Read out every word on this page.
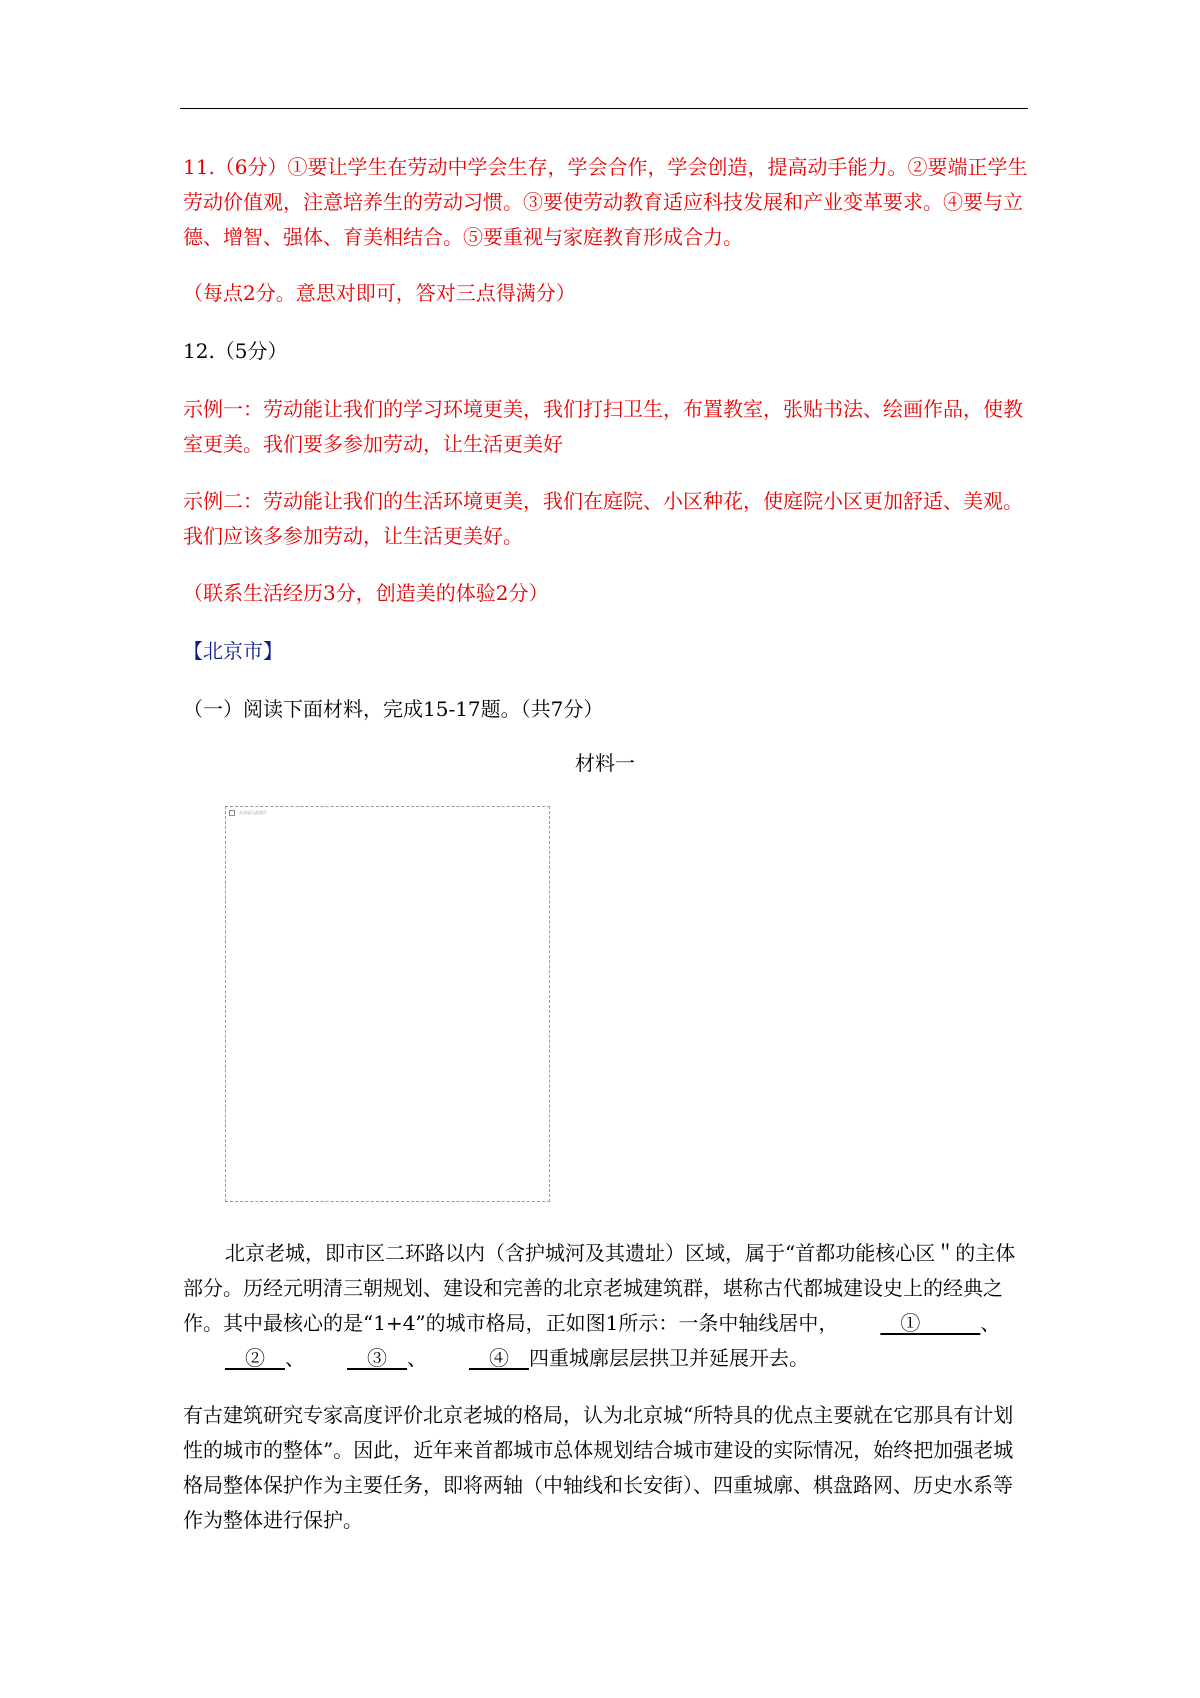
11.（6分）①要让学生在劳动中学会生存，学会合作，学会创造，提高动手能力。②要端正学生劳动价值观，注意培养生的劳动习惯。③要使劳动教育适应科技发展和产业变革要求。④要与立德、增智、强体、育美相结合。⑤要重视与家庭教育形成合力。

（每点2分。意思对即可，答对三点得满分）

12.（5分）

示例一：劳动能让我们的学习环境更美，我们打扫卫生，布置教室，张贴书法、绘画作品，使教室更美。我们要多参加劳动，让生活更美好

示例二：劳动能让我们的生活环境更美，我们在庭院、小区种花，使庭院小区更加舒适、美观。我们应该多参加劳动，让生活更美好。

（联系生活经历3分，创造美的体验2分）

【北京市】

（一）阅读下面材料，完成15-17题。（共7分）

材料一
无法显示此图片

北京老城，即市区二环路以内（含护城河及其遗址）区域，属于“首都功能核心区＂的主体部分。历经元明清三朝规划、建设和完善的北京老城建筑群，堪称古代都城建设史上的经典之作。其中最核心的是“1+4”的城市格局，正如图1所示：一条中轴线居中，　①　　　、　②　、　③　、　④　四重城廓层层拱卫并延展开去。

有古建筑研究专家高度评价北京老城的格局，认为北京城“所特具的优点主要就在它那具有计划性的城市的整体”。因此，近年来首都城市总体规划结合城市建设的实际情况，始终把加强老城格局整体保护作为主要任务，即将两轴（中轴线和长安街）、四重城廓、棋盘路网、历史水系等作为整体进行保护。
